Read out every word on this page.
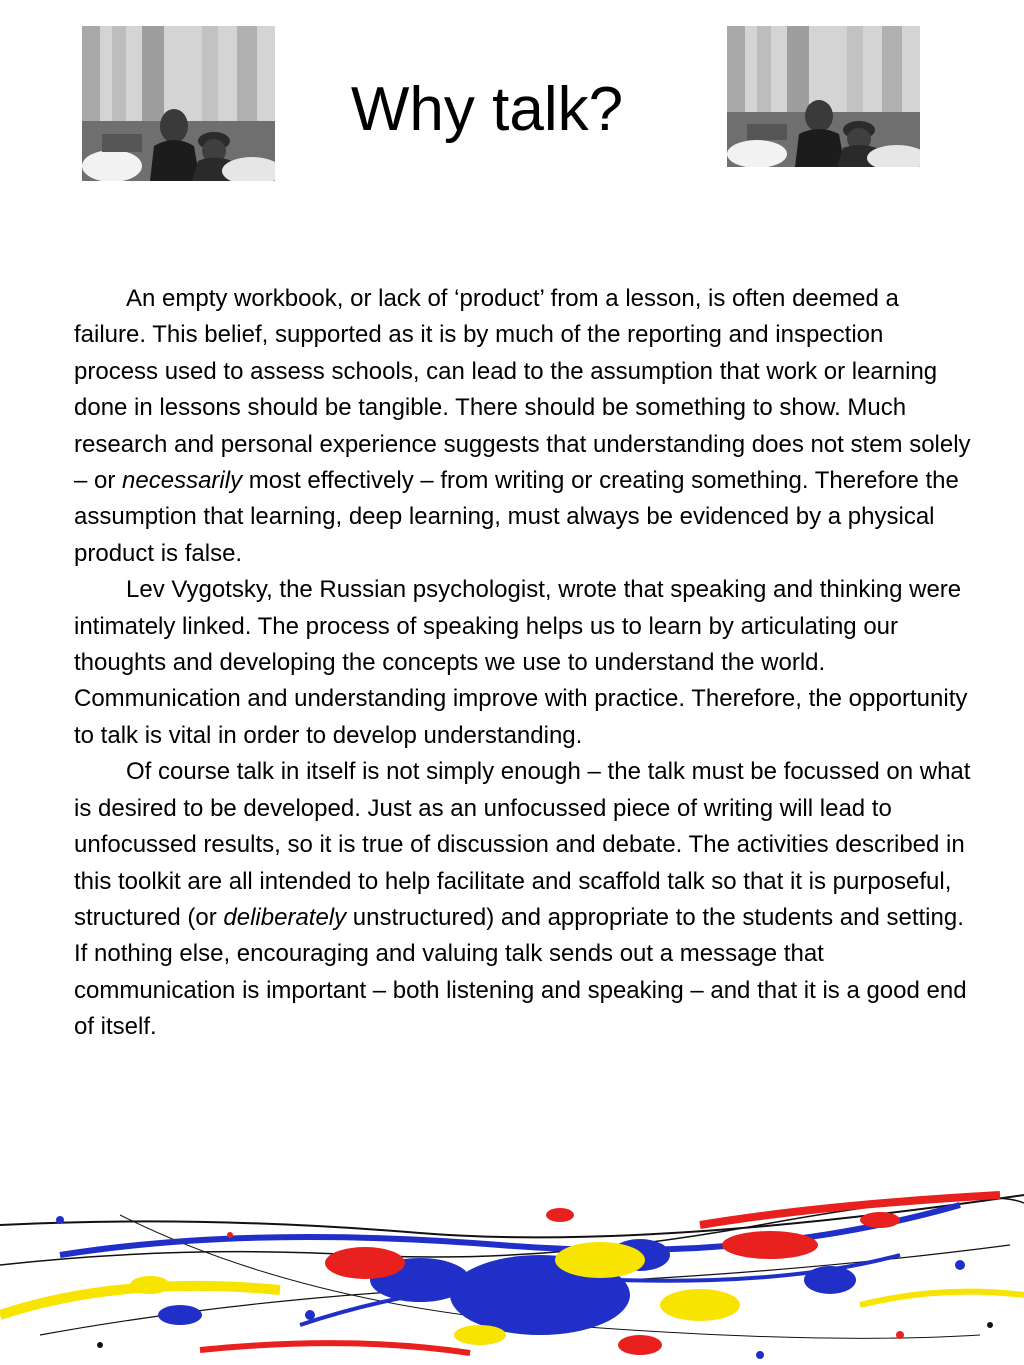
Why talk?

An empty workbook, or lack of ‘product’ from a lesson, is often deemed a failure. This belief, supported as it is by much of the reporting and inspection process used to assess schools, can lead to the assumption that work or learning done in lessons should be tangible. There should be something to show. Much research and personal experience suggests that understanding does not stem solely – or necessarily most effectively – from writing or creating something. Therefore the assumption that learning, deep learning, must always be evidenced by a physical product is false.

Lev Vygotsky, the Russian psychologist, wrote that speaking and thinking were intimately linked. The process of speaking helps us to learn by articulating our thoughts and developing the concepts we use to understand the world. Communication and understanding improve with practice. Therefore, the opportunity to talk is vital in order to develop understanding.

Of course talk in itself is not simply enough – the talk must be focussed on what is desired to be developed. Just as an unfocussed piece of writing will lead to unfocussed results, so it is true of discussion and debate. The activities described in this toolkit are all intended to help facilitate and scaffold talk so that it is purposeful, structured (or deliberately unstructured) and appropriate to the students and setting. If nothing else, encouraging and valuing talk sends out a message that communication is important – both listening and speaking – and that it is a good end of itself.
